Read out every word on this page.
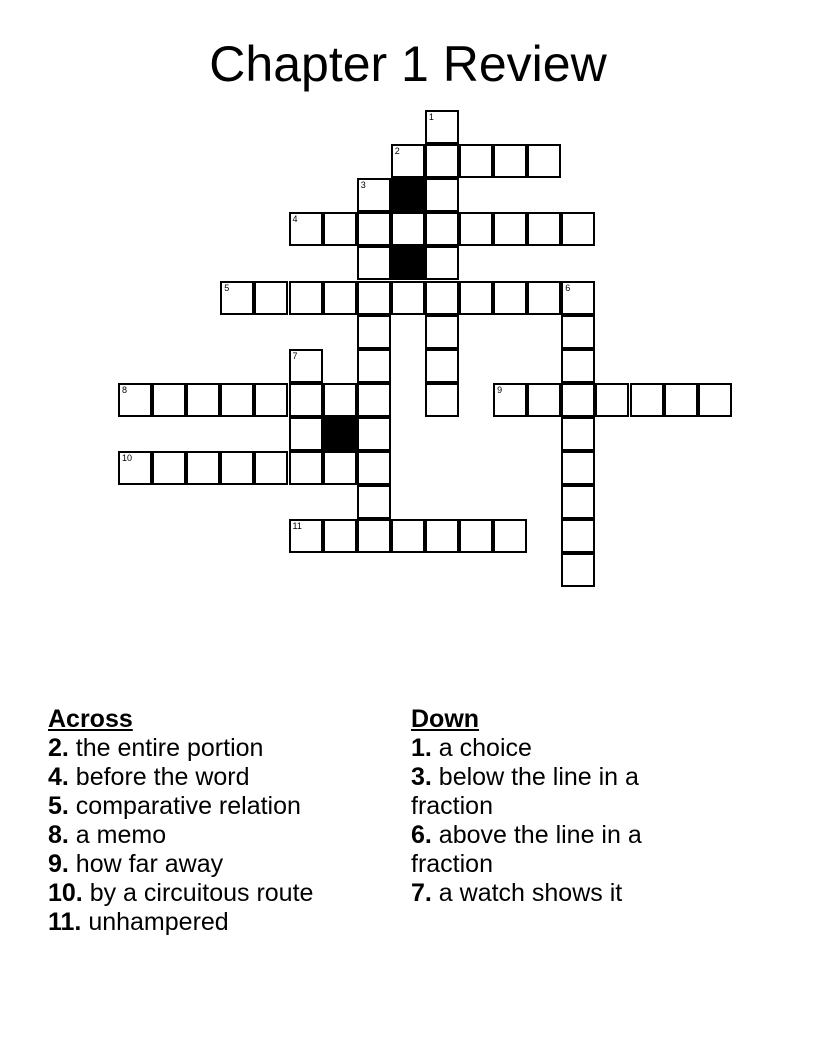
Chapter 1 Review
1
2
3
4
5	6
7
8	9
10
11
Across
2. the entire portion
4. before the word
5. comparative relation
8. a memo
9. how far away
10. by a circuitous route
11. unhampered
Down
1. a choice
3. below the line in a fraction
6. above the line in a fraction
7. a watch shows it
